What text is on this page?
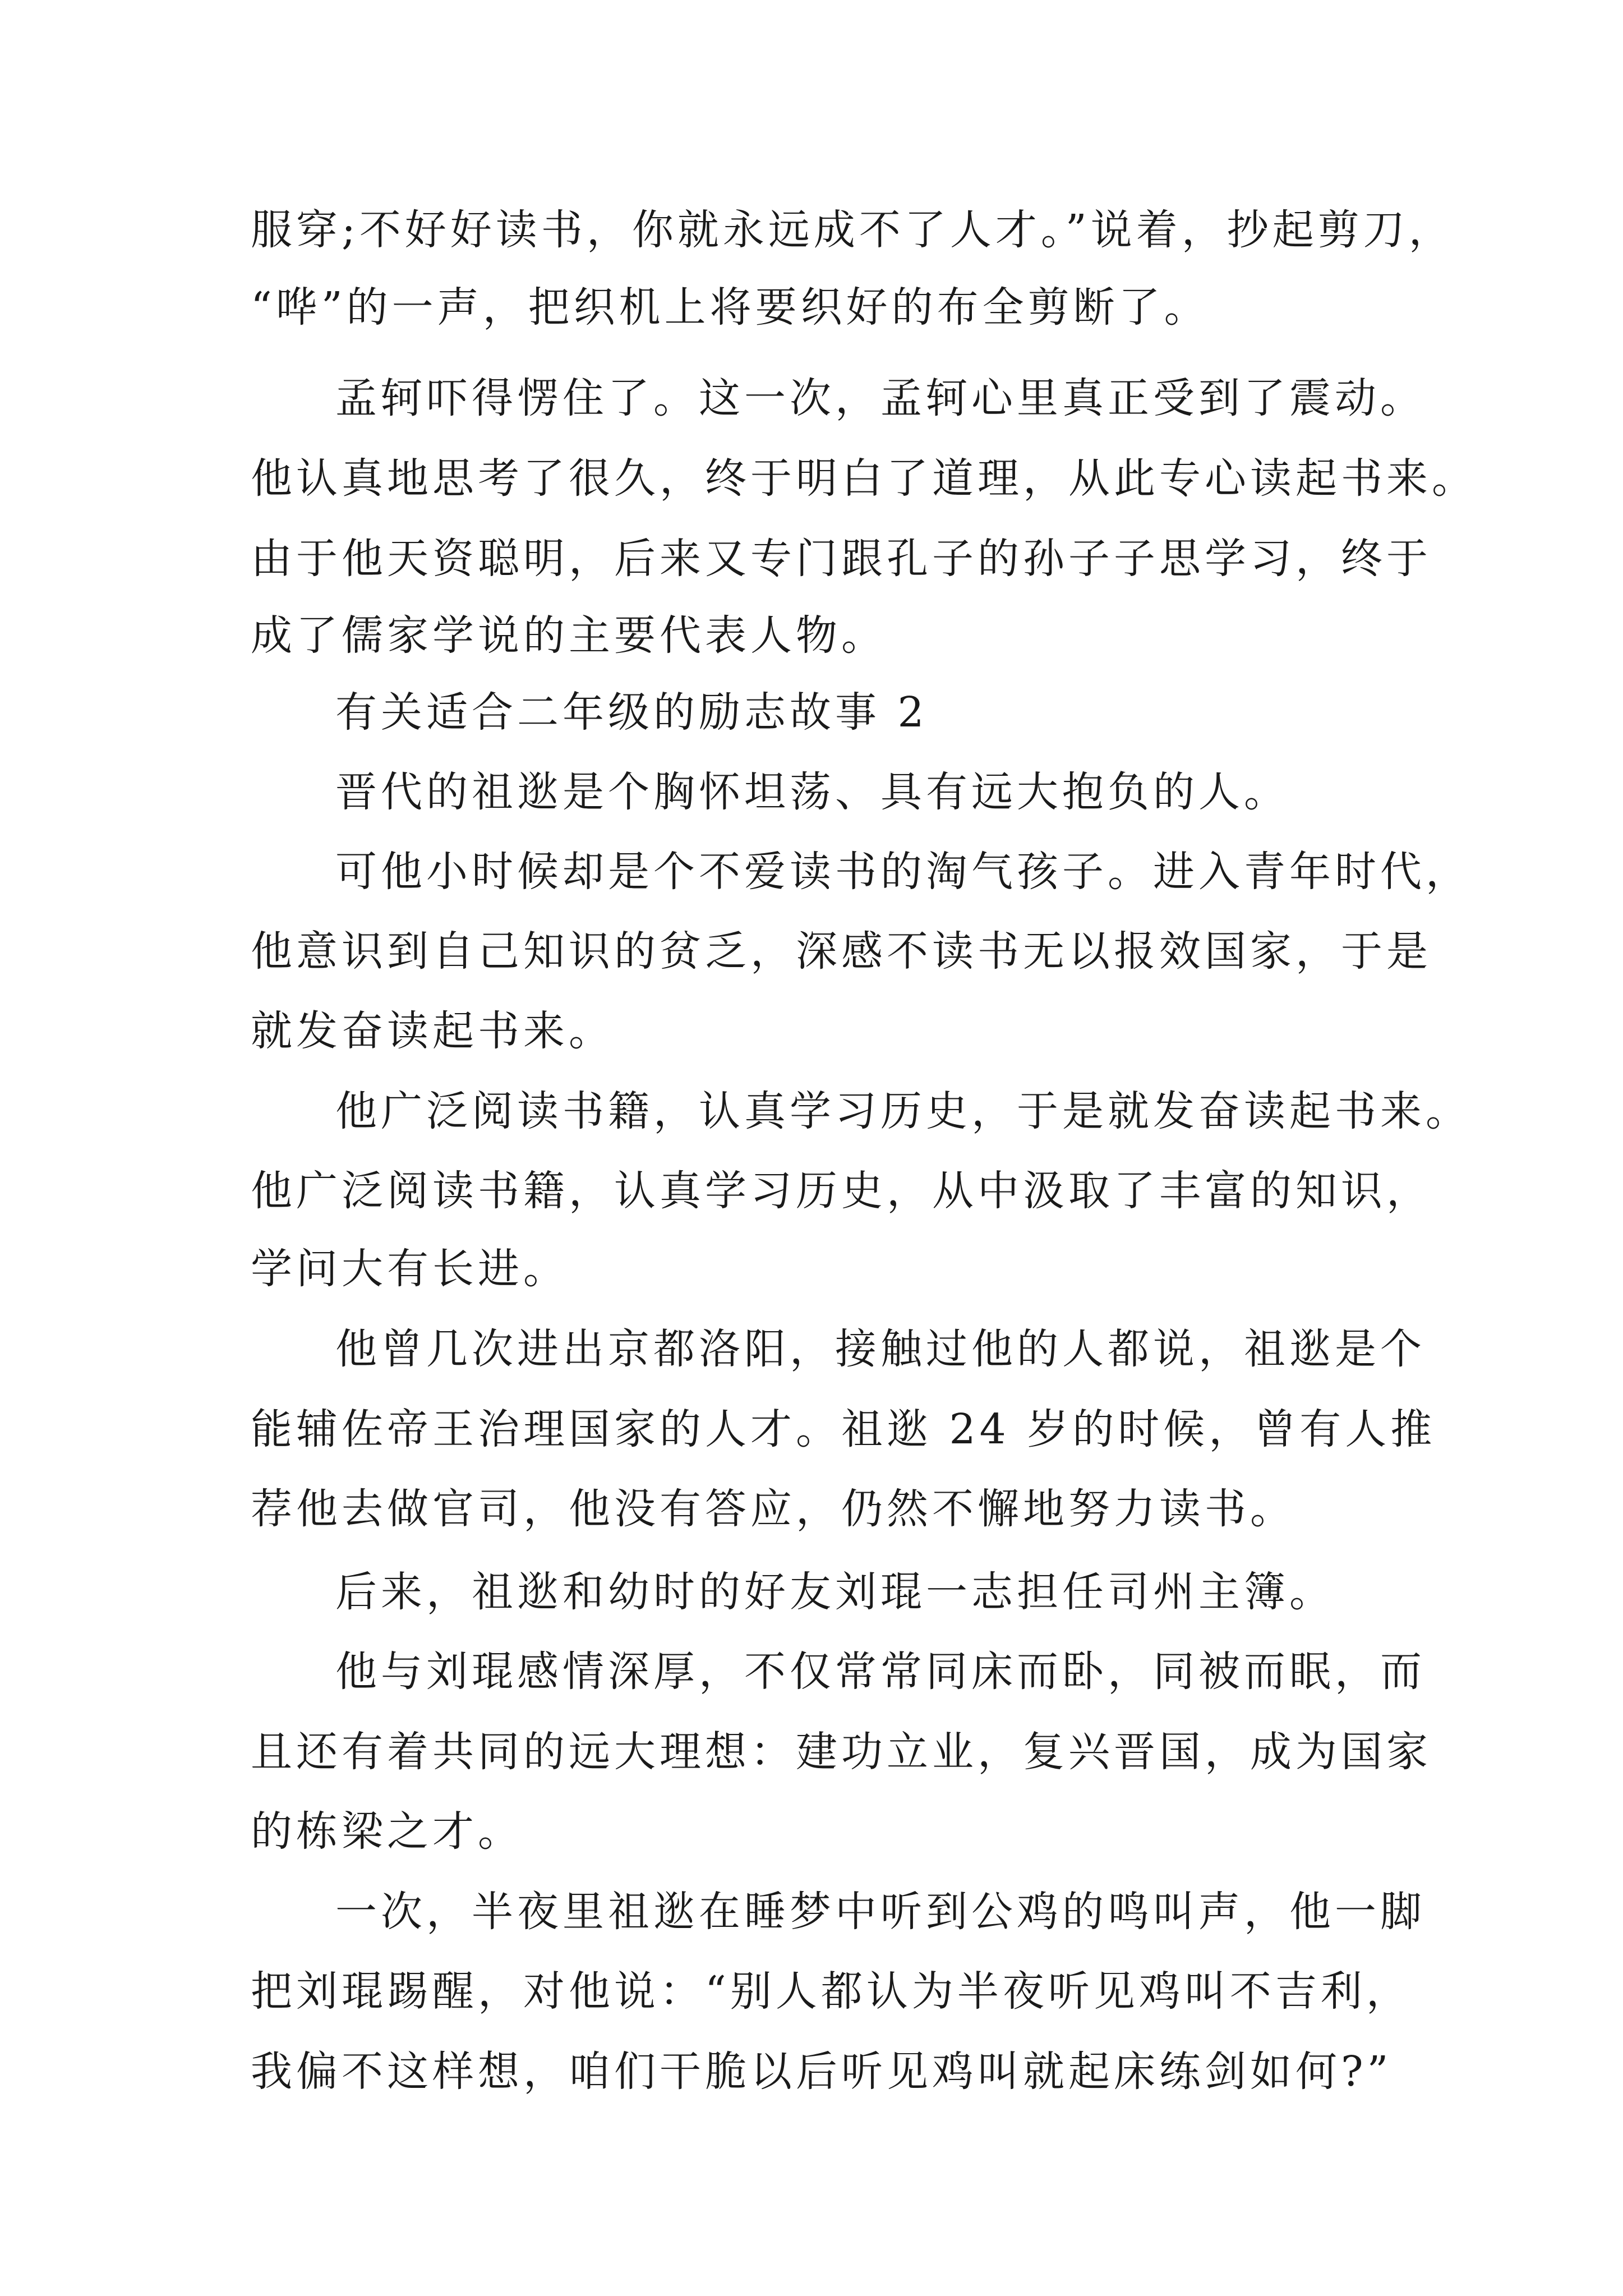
服穿;不好好读书，你就永远成不了人才。”说着，抄起剪刀，
“哗”的一声，把织机上将要织好的布全剪断了。
孟轲吓得愣住了。这一次，孟轲心里真正受到了震动。
他认真地思考了很久，终于明白了道理，从此专心读起书来。
由于他天资聪明，后来又专门跟孔子的孙子子思学习，终于
成了儒家学说的主要代表人物。
有关适合二年级的励志故事 2
晋代的祖逖是个胸怀坦荡、具有远大抱负的人。
可他小时候却是个不爱读书的淘气孩子。进入青年时代，
他意识到自己知识的贫乏，深感不读书无以报效国家，于是
就发奋读起书来。
他广泛阅读书籍，认真学习历史，于是就发奋读起书来。
他广泛阅读书籍，认真学习历史，从中汲取了丰富的知识，
学问大有长进。
他曾几次进出京都洛阳，接触过他的人都说，祖逖是个
能辅佐帝王治理国家的人才。祖逖 24 岁的时候，曾有人推
荐他去做官司，他没有答应，仍然不懈地努力读书。
后来，祖逖和幼时的好友刘琨一志担任司州主簿。
他与刘琨感情深厚，不仅常常同床而卧，同被而眠，而
且还有着共同的远大理想：建功立业，复兴晋国，成为国家
的栋梁之才。
一次，半夜里祖逖在睡梦中听到公鸡的鸣叫声，他一脚
把刘琨踢醒，对他说：“别人都认为半夜听见鸡叫不吉利，
我偏不这样想，咱们干脆以后听见鸡叫就起床练剑如何?”
